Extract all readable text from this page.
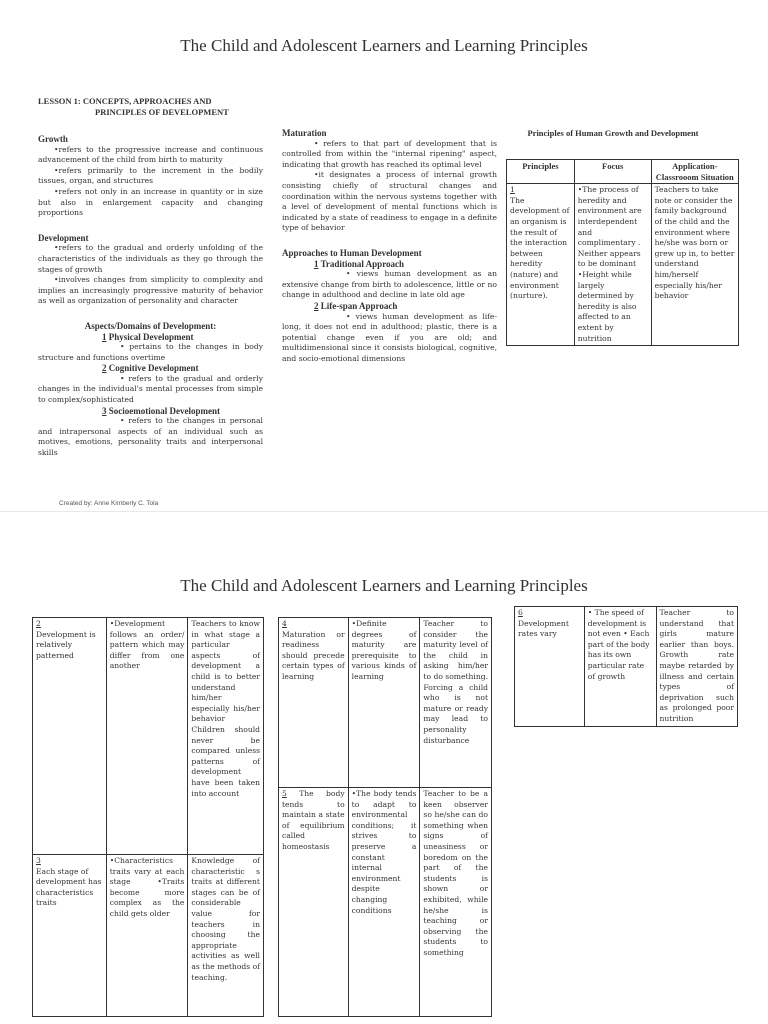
The Child and Adolescent Learners and Learning Principles
LESSON 1: CONCEPTS, APPROACHES AND
PRINCIPLES OF DEVELOPMENT
Growth
•refers to the progressive increase and continuous advancement of the child from birth to maturity
•refers primarily to the increment in the bodily tissues, organ, and structures
•refers not only in an increase in quantity or in size but also in enlargement capacity and changing proportions
Development
•refers to the gradual and orderly unfolding of the characteristics of the individuals as they go through the stages of growth
•involves changes from simplicity to complexity and implies an increasingly progressive maturity of behavior as well as organization of personality and character
Aspects/Domains of Development:
1 Physical Development
• pertains to the changes in body structure and functions overtime
2 Cognitive Development
• refers to the gradual and orderly changes in the individual's mental processes from simple to complex/sophisticated
3 Socioemotional Development
• refers to the changes in personal and intrapersonal aspects of an individual such as motives, emotions, personality traits and interpersonal skills
Maturation
• refers to that part of development that is controlled from within the "internal ripening" aspect, indicating that growth has reached its optimal level
•it designates a process of internal growth consisting chiefly of structural changes and coordination within the nervous systems together with a level of development of mental functions which is indicated by a state of readiness to engage in a definite type of behavior
Approaches to Human Development
1 Traditional Approach
• views human development as an extensive change from birth to adolescence, little or no change in adulthood and decline in late old age
2 Life-span Approach
• views human development as life-long, it does not end in adulthood; plastic, there is a potential change even if you are old; and multidimensional since it consists biological, cognitive, and socio-emotional dimensions
Principles of Human Growth and Development
Principles	Focus	Application-Classrooom Situation
1
The development of an organism is the result of the interaction between heredity (nature) and environment (nurture).	•The process of heredity and environment are interdependent and complimentary . Neither appears to be dominant •Height while largely determined by heredity is also affected to an extent by nutrition	Teachers to take note or consider the family background of the child and the environment where he/she was born or grew up in, to better understand him/herself especially his/her behavior
Created by: Anne Kimberly C. Tola
The Child and Adolescent Learners and Learning Principles
2
Development is relatively patterned	•Development follows an order/ pattern which may differ from one another	Teachers to know in what stage a particular aspects of development a child is to better understand him/her especially his/her behavior Children should never be compared unless patterns of development have been taken into account
3
Each stage of development has characteristics traits	•Characteristics traits vary at each stage •Traits become more complex as the child gets older	Knowledge of characteristic s traits at different stages can be of considerable value for teachers in choosing the appropriate activities as well as the methods of teaching.
4
Maturation or readiness should precede certain types of learning	•Definite degrees of maturity are prerequisite to various kinds of learning	Teacher to consider the maturity level of the child in asking him/her to do something. Forcing a child who is not mature or ready may lead to personality disturbance
5 The body tends to maintain a state of equilibrium called homeostasis	•The body tends to adapt to environmental conditions; it strives to preserve a constant internal environment despite changing conditions	Teacher to be a keen observer so he/she can do something when signs of uneasiness or boredom on the part of the students is shown or exhibited, while he/she is teaching or observing the students to something
6
Development rates vary	• The speed of development is not even • Each part of the body has its own particular rate of growth	Teacher to understand that girls mature earlier than boys. Growth rate maybe retarded by illness and certain types of deprivation such as prolonged poor nutrition
